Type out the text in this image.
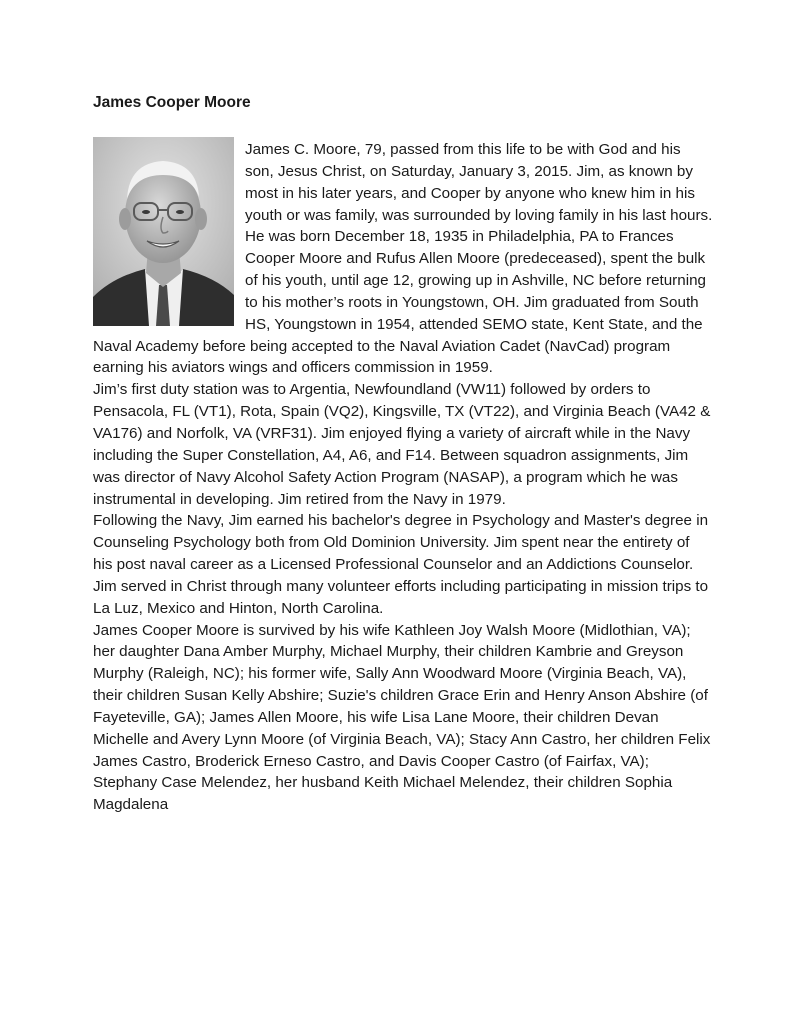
James Cooper Moore

James C. Moore, 79, passed from this life to be with God and his son, Jesus Christ, on Saturday, January 3, 2015. Jim, as known by most in his later years, and Cooper by anyone who knew him in his youth or was family, was surrounded by loving family in his last hours.

He was born December 18, 1935 in Philadelphia, PA to Frances Cooper Moore and Rufus Allen Moore (predeceased), spent the bulk of his youth, until age 12, growing up in Ashville, NC before returning to his mother’s roots in Youngstown, OH. Jim graduated from South HS, Youngstown in 1954, attended SEMO state, Kent State, and the Naval Academy before being accepted to the Naval Aviation Cadet (NavCad) program earning his aviators wings and officers commission in 1959.

Jim’s first duty station was to Argentia, Newfoundland (VW11) followed by orders to Pensacola, FL (VT1), Rota, Spain (VQ2), Kingsville, TX (VT22), and Virginia Beach (VA42 & VA176) and Norfolk, VA (VRF31). Jim enjoyed flying a variety of aircraft while in the Navy including the Super Constellation, A4, A6, and F14. Between squadron assignments, Jim was director of Navy Alcohol Safety Action Program (NASAP), a program which he was instrumental in developing. Jim retired from the Navy in 1979.

Following the Navy, Jim earned his bachelor's degree in Psychology and Master's degree in Counseling Psychology both from Old Dominion University. Jim spent near the entirety of his post naval career as a Licensed Professional Counselor and an Addictions Counselor. Jim served in Christ through many volunteer efforts including participating in mission trips to La Luz, Mexico and Hinton, North Carolina.

James Cooper Moore is survived by his wife Kathleen Joy Walsh Moore (Midlothian, VA); her daughter Dana Amber Murphy, Michael Murphy, their children Kambrie and Greyson Murphy (Raleigh, NC); his former wife, Sally Ann Woodward Moore (Virginia Beach, VA), their children Susan Kelly Abshire; Suzie's children Grace Erin and Henry Anson Abshire (of Fayeteville, GA); James Allen Moore, his wife Lisa Lane Moore, their children Devan Michelle and Avery Lynn Moore (of Virginia Beach, VA); Stacy Ann Castro, her children Felix James Castro, Broderick Erneso Castro, and Davis Cooper Castro (of Fairfax, VA); Stephany Case Melendez, her husband Keith Michael Melendez, their children Sophia Magdalena
